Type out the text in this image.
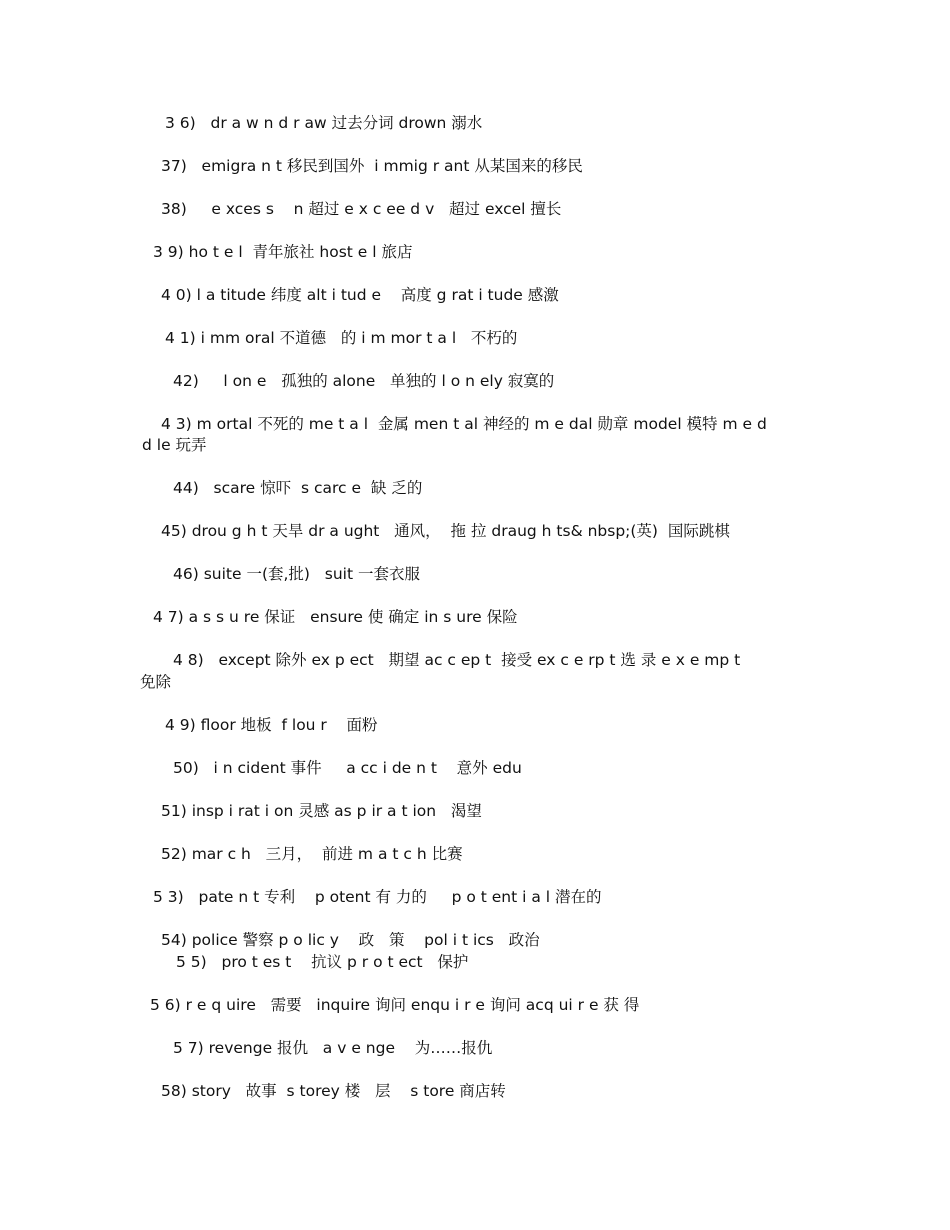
3 6)   dr a w n d r aw 过去分词 drown 溺水
37)   emigra n t 移民到国外  i mmig r ant 从某国来的移民
38)     e xces s    n 超过 e x c ee d v   超过 excel 擅长
3 9) ho t e l  青年旅社 host e l 旅店
4 0) l a titude 纬度 alt i tud e    高度 g rat i tude 感激
4 1) i mm oral 不道德   的 i m mor t a l   不朽的
42)     l on e   孤独的 alone   单独的 l o n ely 寂寞的
4 3) m ortal 不死的 me t a l  金属 men t al 神经的 m e dal 勋章 model 模特 m e d
d le 玩弄
44)   scare 惊吓  s carc e  缺 乏的
45) drou g h t 天旱 dr a ught   通风，  拖 拉 draug h ts& nbsp;(英)  国际跳棋
46) suite 一(套,批)   suit 一套衣服
4 7) a s s u re 保证   ensure 使 确定 in s ure 保险
4 8)   except 除外 ex p ect   期望 ac c ep t  接受 ex c e rp t 选 录 e x e mp t
免除
4 9) floor 地板  f lou r    面粉
50)   i n cident 事件     a cc i de n t    意外 edu
51) insp i rat i on 灵感 as p ir a t ion   渴望
52) mar c h   三月，  前进 m a t c h 比赛
5 3)   pate n t 专利    p otent 有 力的     p o t ent i a l 潜在的
54) police 警察 p o lic y    政   策    pol i t ics   政治
5 5)   pro t es t    抗议 p r o t ect   保护
5 6) r e q uire   需要   inquire 询问 enqu i r e 询问 acq ui r e 获 得
5 7) revenge 报仇   a v e nge    为……报仇
58) story   故事  s torey 楼   层    s tore 商店转
